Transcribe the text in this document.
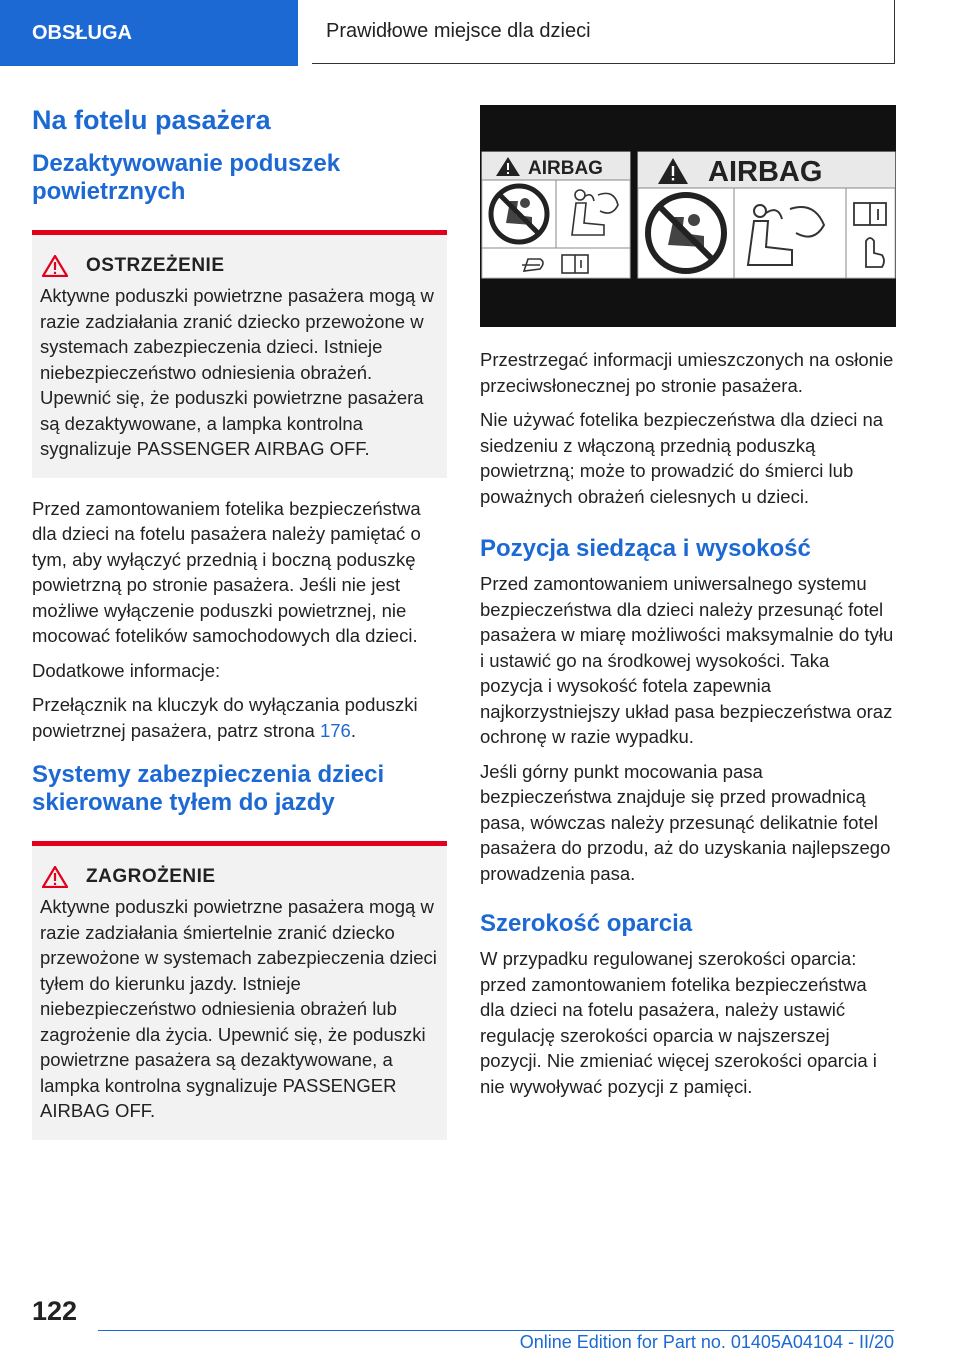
OBSŁUGA	Prawidłowe miejsce dla dzieci
Na fotelu pasażera
Dezaktywowanie poduszek powietrznych
OSTRZEŻENIE

Aktywne poduszki powietrzne pasażera mogą w razie zadziałania zranić dziecko przewożone w systemach zabezpieczenia dzieci. Istnieje niebezpieczeństwo odniesienia obrażeń. Upewnić się, że poduszki powietrzne pasażera są dezaktywowane, a lampka kontrolna sygnalizuje PASSENGER AIRBAG OFF.

Przed zamontowaniem fotelika bezpieczeństwa dla dzieci na fotelu pasażera należy pamiętać o tym, aby wyłączyć przednią i boczną poduszkę powietrzną po stronie pasażera. Jeśli nie jest możliwe wyłączenie poduszki powietrznej, nie mocować fotelików samochodowych dla dzieci.

Dodatkowe informacje:

Przełącznik na kluczyk do wyłączania poduszki powietrznej pasażera, patrz strona 176.

Systemy zabezpieczenia dzieci skierowane tyłem do jazdy
ZAGROŻENIE

Aktywne poduszki powietrzne pasażera mogą w razie zadziałania śmiertelnie zranić dziecko przewożone w systemach zabezpieczenia dzieci tyłem do kierunku jazdy. Istnieje niebezpieczeństwo odniesienia obrażeń lub zagrożenie dla życia. Upewnić się, że poduszki powietrzne pasażera są dezaktywowane, a lampka kontrolna sygnalizuje PASSENGER AIRBAG OFF.

AIRBAG	AIRBAG

Przestrzegać informacji umieszczonych na osłonie przeciwsłonecznej po stronie pasażera.

Nie używać fotelika bezpieczeństwa dla dzieci na siedzeniu z włączoną przednią poduszką powietrzną; może to prowadzić do śmierci lub poważnych obrażeń cielesnych u dzieci.

Pozycja siedząca i wysokość

Przed zamontowaniem uniwersalnego systemu bezpieczeństwa dla dzieci należy przesunąć fotel pasażera w miarę możliwości maksymalnie do tyłu i ustawić go na środkowej wysokości. Taka pozycja i wysokość fotela zapewnia najkorzystniejszy układ pasa bezpieczeństwa oraz ochronę w razie wypadku.

Jeśli górny punkt mocowania pasa bezpieczeństwa znajduje się przed prowadnicą pasa, wówczas należy przesunąć delikatnie fotel pasażera do przodu, aż do uzyskania najlepszego prowadzenia pasa.

Szerokość oparcia

W przypadku regulowanej szerokości oparcia: przed zamontowaniem fotelika bezpieczeństwa dla dzieci na fotelu pasażera, należy ustawić regulację szerokości oparcia w najszerszej pozycji. Nie zmieniać więcej szerokości oparcia i nie wywoływać pozycji z pamięci.

122
Online Edition for Part no. 01405A04104 - II/20
